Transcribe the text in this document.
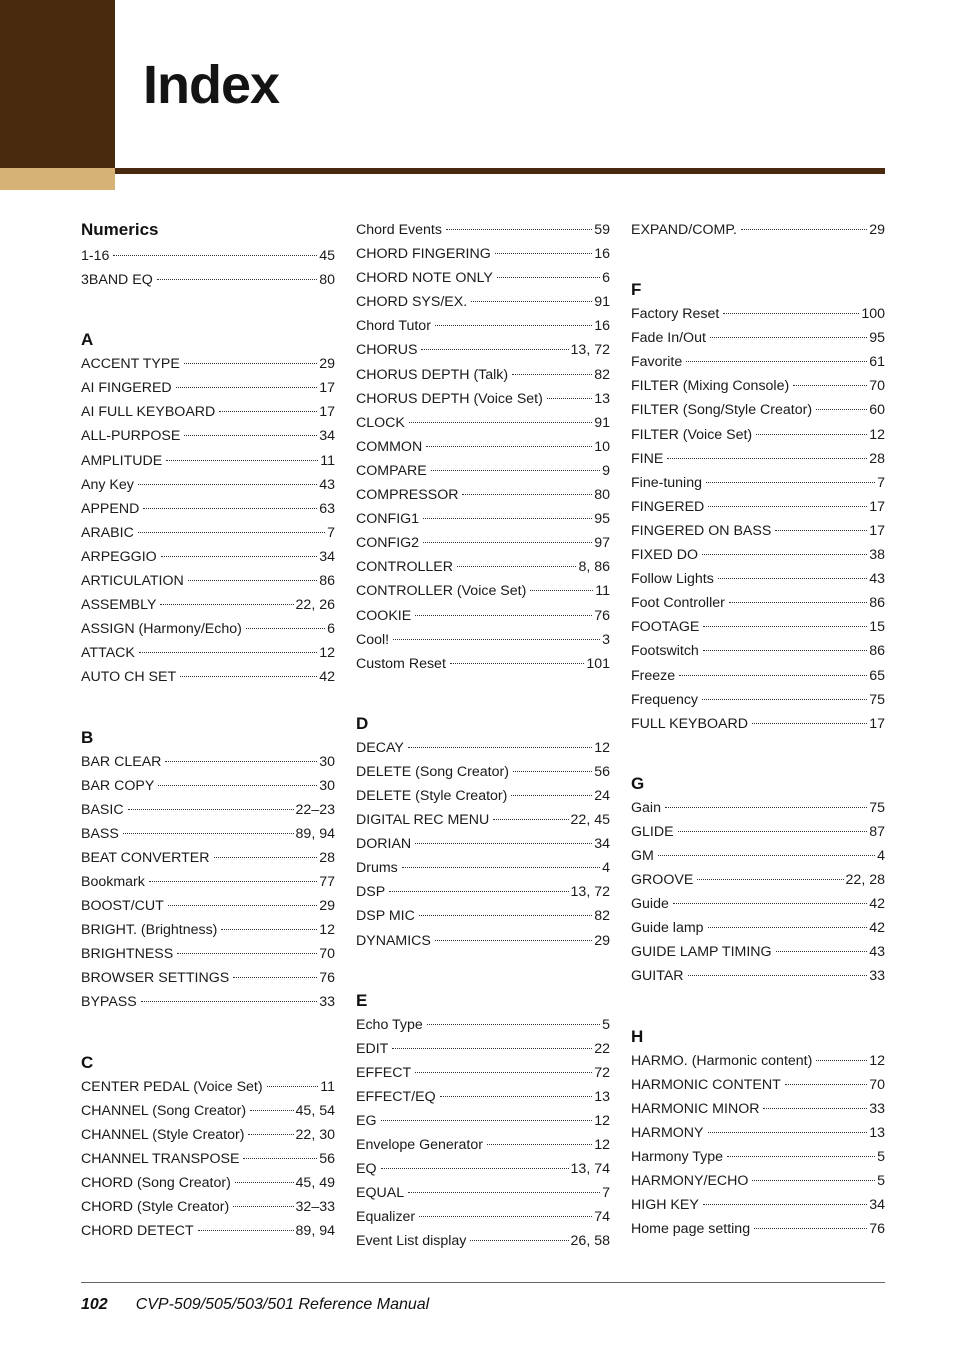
Index
Numerics
1-16	45
3BAND EQ	80
A
ACCENT TYPE	29
AI FINGERED	17
AI FULL KEYBOARD	17
ALL-PURPOSE	34
AMPLITUDE	11
Any Key	43
APPEND	63
ARABIC	7
ARPEGGIO	34
ARTICULATION	86
ASSEMBLY	22, 26
ASSIGN (Harmony/Echo)	6
ATTACK	12
AUTO CH SET	42
B
BAR CLEAR	30
BAR COPY	30
BASIC	22–23
BASS	89, 94
BEAT CONVERTER	28
Bookmark	77
BOOST/CUT	29
BRIGHT. (Brightness)	12
BRIGHTNESS	70
BROWSER SETTINGS	76
BYPASS	33
C
CENTER PEDAL (Voice Set)	11
CHANNEL (Song Creator)	45, 54
CHANNEL (Style Creator)	22, 30
CHANNEL TRANSPOSE	56
CHORD (Song Creator)	45, 49
CHORD (Style Creator)	32–33
CHORD DETECT	89, 94
Chord Events	59
CHORD FINGERING	16
CHORD NOTE ONLY	6
CHORD SYS/EX.	91
Chord Tutor	16
CHORUS	13, 72
CHORUS DEPTH (Talk)	82
CHORUS DEPTH (Voice Set)	13
CLOCK	91
COMMON	10
COMPARE	9
COMPRESSOR	80
CONFIG1	95
CONFIG2	97
CONTROLLER	8, 86
CONTROLLER (Voice Set)	11
COOKIE	76
Cool!	3
Custom Reset	101
D
DECAY	12
DELETE (Song Creator)	56
DELETE (Style Creator)	24
DIGITAL REC MENU	22, 45
DORIAN	34
Drums	4
DSP	13, 72
DSP MIC	82
DYNAMICS	29
E
Echo Type	5
EDIT	22
EFFECT	72
EFFECT/EQ	13
EG	12
Envelope Generator	12
EQ	13, 74
EQUAL	7
Equalizer	74
Event List display	26, 58
EXPAND/COMP.	29
F
Factory Reset	100
Fade In/Out	95
Favorite	61
FILTER (Mixing Console)	70
FILTER (Song/Style Creator)	60
FILTER (Voice Set)	12
FINE	28
Fine-tuning	7
FINGERED	17
FINGERED ON BASS	17
FIXED DO	38
Follow Lights	43
Foot Controller	86
FOOTAGE	15
Footswitch	86
Freeze	65
Frequency	75
FULL KEYBOARD	17
G
Gain	75
GLIDE	87
GM	4
GROOVE	22, 28
Guide	42
Guide lamp	42
GUIDE LAMP TIMING	43
GUITAR	33
H
HARMO. (Harmonic content)	12
HARMONIC CONTENT	70
HARMONIC MINOR	33
HARMONY	13
Harmony Type	5
HARMONY/ECHO	5
HIGH KEY	34
Home page setting	76
102 CVP-509/505/503/501 Reference Manual
